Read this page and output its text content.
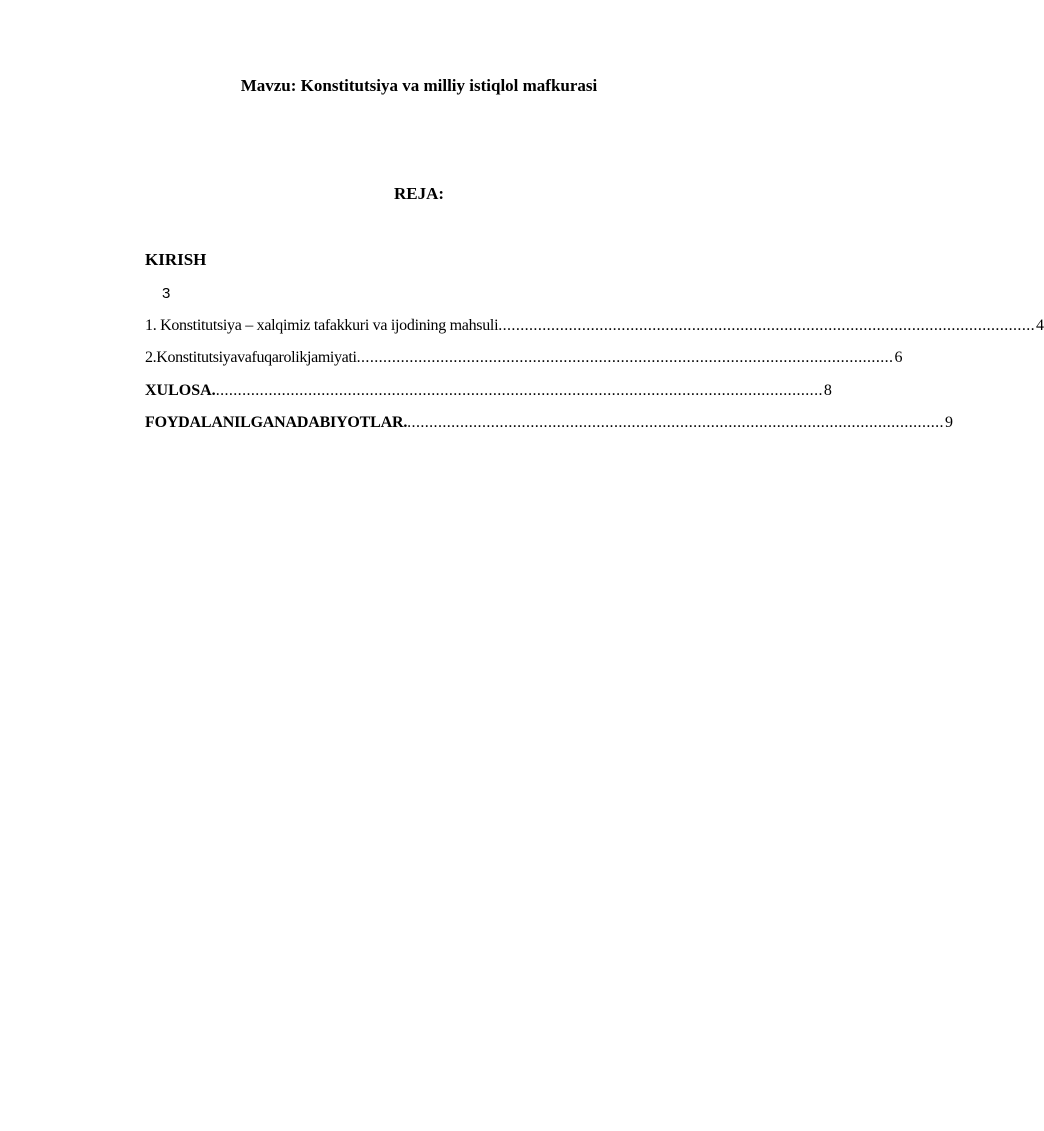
Mavzu: Konstitutsiya va milliy istiqlol mafkurasi
REJA:
KIRISH
3
1. Konstitutsiya – xalqimiz tafakkuri va ijodining mahsuli .......................................................................................................................... 4
2.Konstitutsiyavafuqarolikjamiyati .......................................................................................................................... 6
XULOSA. .......................................................................................................................................... 8
FOYDALANILGANADABIYOTLAR. .......................................................................................................................... 9
